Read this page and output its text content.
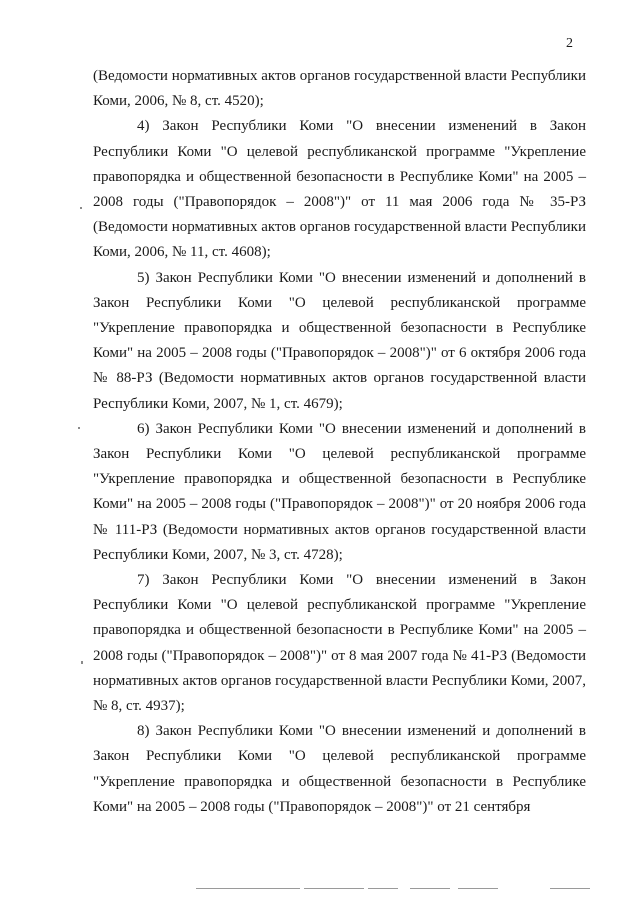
2

(Ведомости нормативных актов органов государственной власти Республики Коми, 2006, № 8, ст. 4520);

4) Закон Республики Коми "О внесении изменений в Закон Республики Коми "О целевой республиканской программе "Укрепление правопорядка и общественной безопасности в Республике Коми" на 2005 – 2008 годы ("Правопорядок – 2008")" от 11 мая 2006 года № 35-РЗ (Ведомости нормативных актов органов государственной власти Республики Коми, 2006, № 11, ст. 4608);

5) Закон Республики Коми "О внесении изменений и дополнений в Закон Республики Коми "О целевой республиканской программе "Укрепление правопорядка и общественной безопасности в Республике Коми" на 2005 – 2008 годы ("Правопорядок – 2008")" от 6 октября 2006 года № 88-РЗ (Ведомости нормативных актов органов государственной власти Республики Коми, 2007, № 1, ст. 4679);

6) Закон Республики Коми "О внесении изменений и дополнений в Закон Республики Коми "О целевой республиканской программе "Укрепление правопорядка и общественной безопасности в Республике Коми" на 2005 – 2008 годы ("Правопорядок – 2008")" от 20 ноября 2006 года № 111-РЗ (Ведомости нормативных актов органов государственной власти Республики Коми, 2007, № 3, ст. 4728);

7) Закон Республики Коми "О внесении изменений в Закон Республики Коми "О целевой республиканской программе "Укрепление правопорядка и общественной безопасности в Республике Коми" на 2005 – 2008 годы ("Правопорядок – 2008")" от 8 мая 2007 года № 41-РЗ (Ведомости нормативных актов органов государственной власти Республики Коми, 2007, № 8, ст. 4937);

8) Закон Республики Коми "О внесении изменений и дополнений в Закон Республики Коми "О целевой республиканской программе "Укрепление правопорядка и общественной безопасности в Республике Коми" на 2005 – 2008 годы ("Правопорядок – 2008")" от 21 сентября
